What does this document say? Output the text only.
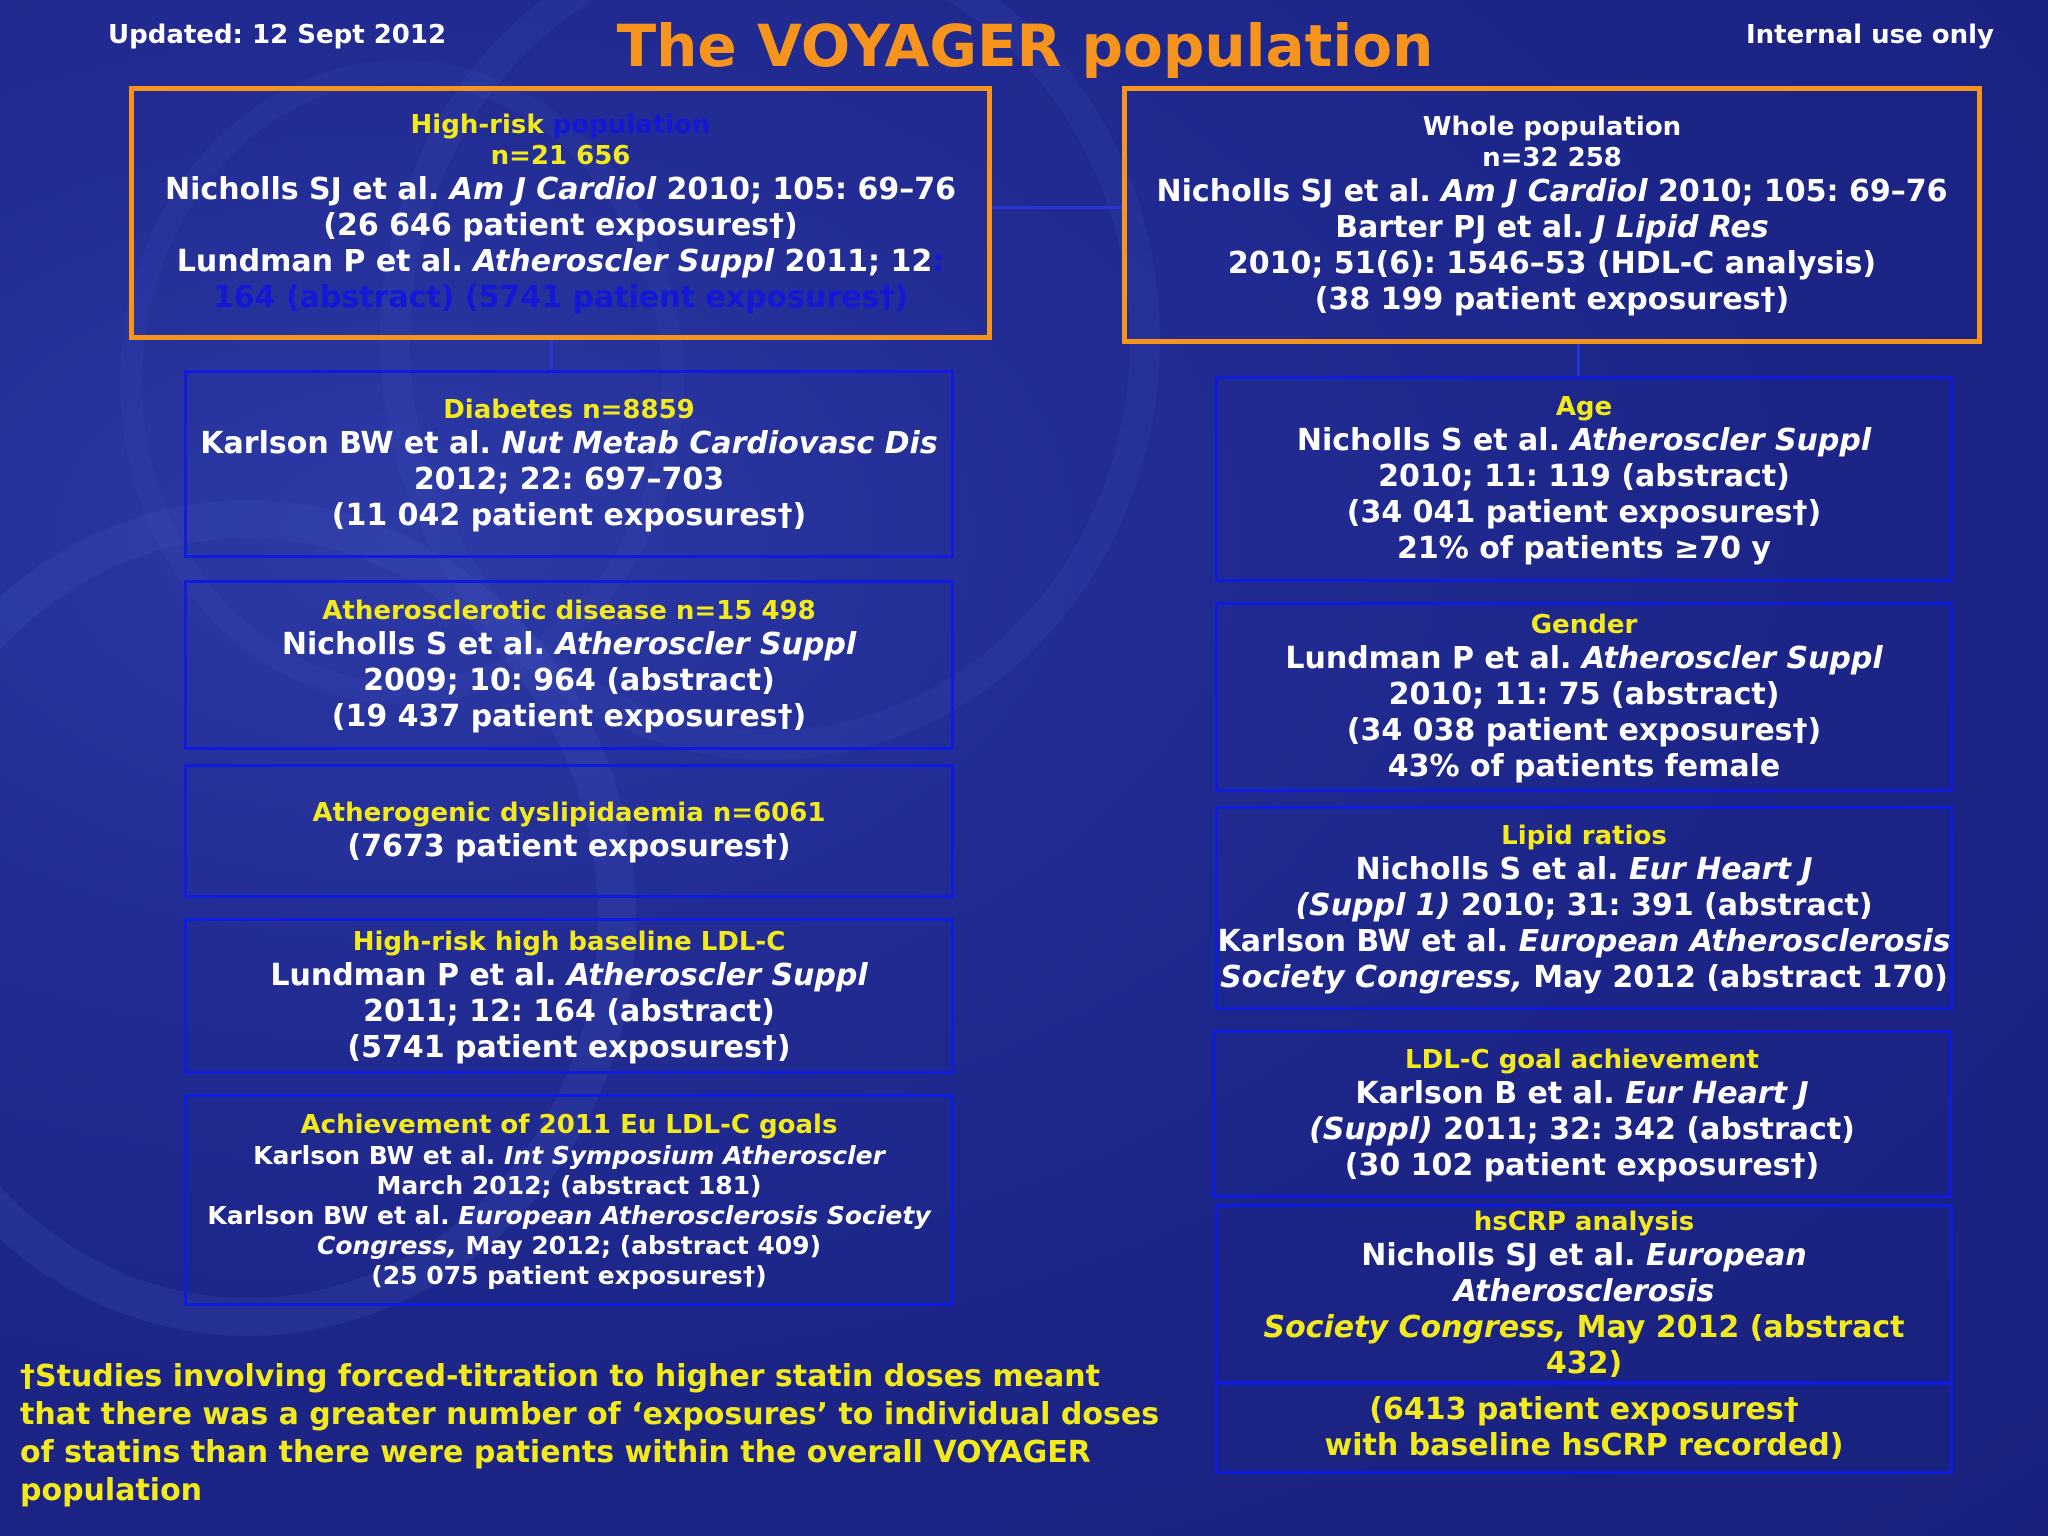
Updated: 12 Sept 2012	The VOYAGER population	Internal use only
High-risk population
n=21 656
Nicholls SJ et al. Am J Cardiol 2010; 105: 69–76
(26 646 patient exposures†)
Lundman P et al. Atheroscler Suppl 2011; 12:
164 (abstract) (5741 patient exposures†)
Whole population
n=32 258
Nicholls SJ et al. Am J Cardiol 2010; 105: 69–76
Barter PJ et al. J Lipid Res
2010; 51(6): 1546–53 (HDL-C analysis)
(38 199 patient exposures†)
Diabetes n=8859
Karlson BW et al. Nut Metab Cardiovasc Dis
2012; 22: 697–703
(11 042 patient exposures†)
Atherosclerotic disease n=15 498
Nicholls S et al. Atheroscler Suppl
2009; 10: 964 (abstract)
(19 437 patient exposures†)
Atherogenic dyslipidaemia n=6061
(7673 patient exposures†)
High-risk high baseline LDL-C
Lundman P et al. Atheroscler Suppl
2011; 12: 164 (abstract)
(5741 patient exposures†)
Achievement of 2011 Eu LDL-C goals
Karlson BW et al. Int Symposium Atheroscler
March 2012; (abstract 181)
Karlson BW et al. European Atherosclerosis Society
Congress, May 2012; (abstract 409)
(25 075 patient exposures†)
Age
Nicholls S et al. Atheroscler Suppl
2010; 11: 119 (abstract)
(34 041 patient exposures†)
21% of patients ≥70 y
Gender
Lundman P et al. Atheroscler Suppl
2010; 11: 75 (abstract)
(34 038 patient exposures†)
43% of patients female
Lipid ratios
Nicholls S et al. Eur Heart J
(Suppl 1) 2010; 31: 391 (abstract)
Karlson BW et al. European Atherosclerosis
Society Congress, May 2012 (abstract 170)
LDL-C goal achievement
Karlson B et al. Eur Heart J
(Suppl) 2011; 32: 342 (abstract)
(30 102 patient exposures†)
hsCRP analysis
Nicholls SJ et al. European
Atherosclerosis
Society Congress, May 2012 (abstract
432)
(6413 patient exposures†
with baseline hsCRP recorded)
†Studies involving forced-titration to higher statin doses meant that there was a greater number of ‘exposures’ to individual doses of statins than there were patients within the overall VOYAGER population
